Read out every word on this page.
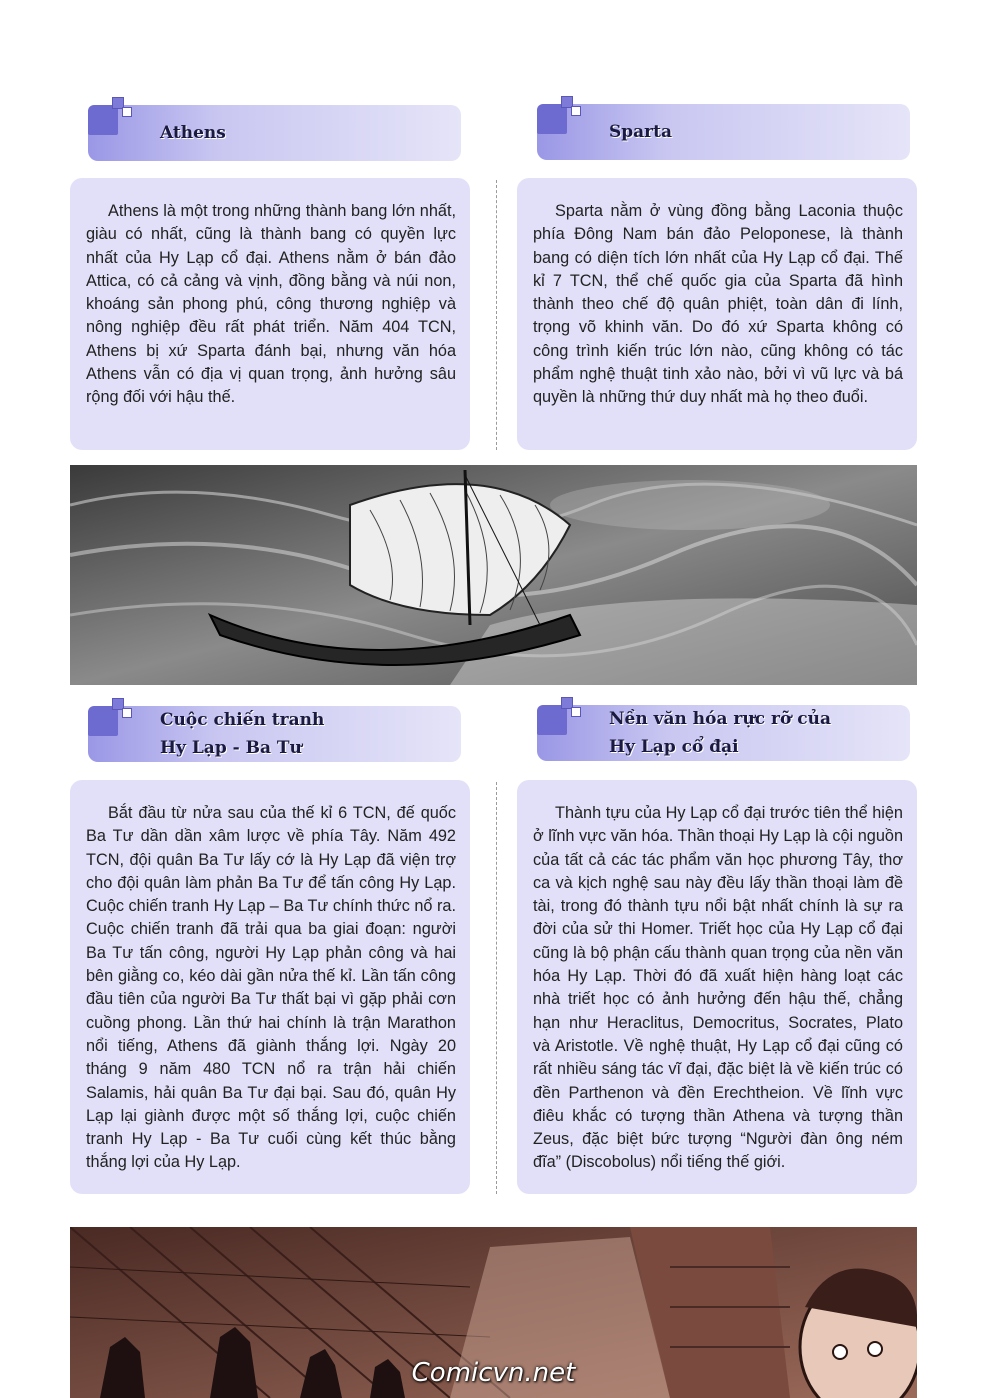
Athens	Sparta
Athens là một trong những thành bang lớn nhất, giàu có nhất, cũng là thành bang có quyền lực nhất của Hy Lạp cổ đại. Athens nằm ở bán đảo Attica, có cả cảng và vịnh, đồng bằng và núi non, khoáng sản phong phú, công thương nghiệp và nông nghiệp đều rất phát triển. Năm 404 TCN, Athens bị xứ Sparta đánh bại, nhưng văn hóa Athens vẫn có địa vị quan trọng, ảnh hưởng sâu rộng đối với hậu thế.
Sparta nằm ở vùng đồng bằng Laconia thuộc phía Đông Nam bán đảo Peloponese, là thành bang có diện tích lớn nhất của Hy Lạp cổ đại. Thế kỉ 7 TCN, thể chế quốc gia của Sparta đã hình thành theo chế độ quân phiệt, toàn dân đi lính, trọng võ khinh văn. Do đó xứ Sparta không có công trình kiến trúc lớn nào, cũng không có tác phẩm nghệ thuật tinh xảo nào, bởi vì vũ lực và bá quyền là những thứ duy nhất mà họ theo đuổi.
Cuộc chiến tranh
Hy Lạp - Ba Tư
Nền văn hóa rực rỡ của
Hy Lạp cổ đại
Bắt đầu từ nửa sau của thế kỉ 6 TCN, đế quốc Ba Tư dần dần xâm lược về phía Tây. Năm 492 TCN, đội quân Ba Tư lấy cớ là Hy Lạp đã viện trợ cho đội quân làm phản Ba Tư để tấn công Hy Lạp. Cuộc chiến tranh Hy Lạp – Ba Tư chính thức nổ ra. Cuộc chiến tranh đã trải qua ba giai đoạn: người Ba Tư tấn công, người Hy Lạp phản công và hai bên giằng co, kéo dài gần nửa thế kỉ. Lần tấn công đầu tiên của người Ba Tư thất bại vì gặp phải cơn cuồng phong. Lần thứ hai chính là trận Marathon nổi tiếng, Athens đã giành thắng lợi. Ngày 20 tháng 9 năm 480 TCN nổ ra trận hải chiến Salamis, hải quân Ba Tư đại bại. Sau đó, quân Hy Lạp lại giành được một số thắng lợi, cuộc chiến tranh Hy Lạp - Ba Tư cuối cùng kết thúc bằng thắng lợi của Hy Lạp.
Thành tựu của Hy Lạp cổ đại trước tiên thể hiện ở lĩnh vực văn hóa. Thần thoại Hy Lạp là cội nguồn của tất cả các tác phẩm văn học phương Tây, thơ ca và kịch nghệ sau này đều lấy thần thoại làm đề tài, trong đó thành tựu nổi bật nhất chính là sự ra đời của sử thi Homer. Triết học của Hy Lạp cổ đại cũng là bộ phận cấu thành quan trọng của nền văn hóa Hy Lạp. Thời đó đã xuất hiện hàng loạt các nhà triết học có ảnh hưởng đến hậu thế, chẳng hạn như Heraclitus, Democritus, Socrates, Plato và Aristotle. Về nghệ thuật, Hy Lạp cổ đại cũng có rất nhiều sáng tác vĩ đại, đặc biệt là về kiến trúc có đền Parthenon và đền Erechtheion. Về lĩnh vực điêu khắc có tượng thần Athena và tượng thần Zeus, đặc biệt bức tượng “Người đàn ông ném đĩa” (Discobolus) nổi tiếng thế giới.
Comicvn.net
